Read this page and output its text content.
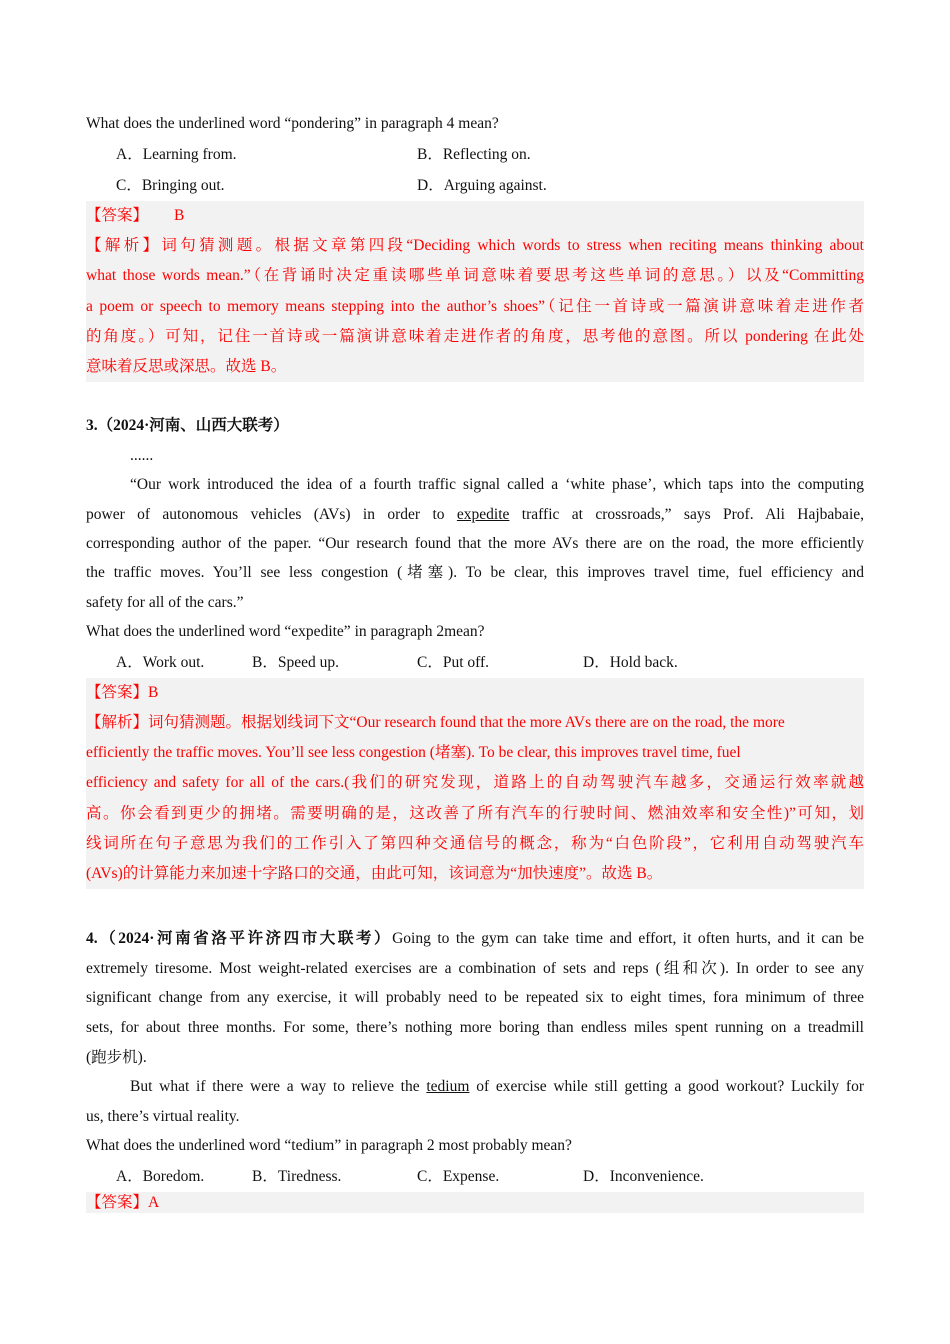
What does the underlined word “pondering” in paragraph 4 mean?

A．Learning from.	B．Reflecting on.
C．Bringing out.	D．Arguing against.

【答案】 B

【解析】词句猜测题。根据文章第四段“Deciding which words to stress when reciting means thinking about

what those words mean.”（在背诵时决定重读哪些单词意味着要思考这些单词的意思。）以及“Committing

a poem or speech to memory means stepping into the author’s shoes”（记住一首诗或一篇演讲意味着走进作者

的角度。）可知，记住一首诗或一篇演讲意味着走进作者的角度，思考他的意图。所以 pondering 在此处

意味着反思或深思。故选 B。

3.（2024·河南、山西大联考）

......

“Our work introduced the idea of a fourth traffic signal called a ‘white phase’, which taps into the computing

power of autonomous vehicles (AVs) in order to expedite traffic at crossroads,” says Prof. Ali Hajbabaie,

corresponding author of the paper. “Our research found that the more AVs there are on the road, the more efficiently

the traffic moves. You’ll see less congestion (堵塞). To be clear, this improves travel time, fuel efficiency and

safety for all of the cars.”

What does the underlined word “expedite” in paragraph 2mean?

A．Work out.	B．Speed up.	C．Put off.	D．Hold back.

【答案】B

【解析】词句猜测题。根据划线词下文“Our research found that the more AVs there are on the road, the more

efficiently the traffic moves. You’ll see less congestion (堵塞). To be clear, this improves travel time, fuel

efficiency and safety for all of the cars.(我们的研究发现，道路上的自动驾驶汽车越多，交通运行效率就越

高。你会看到更少的拥堵。需要明确的是，这改善了所有汽车的行驶时间、燃油效率和安全性)”可知，划

线词所在句子意思为我们的工作引入了第四种交通信号的概念，称为“白色阶段”，它利用自动驾驶汽车

(AVs)的计算能力来加速十字路口的交通，由此可知，该词意为“加快速度”。故选 B。

4.（2024·河南省洛平许济四市大联考）Going to the gym can take time and effort, it often hurts, and it can be

extremely tiresome. Most weight-related exercises are a combination of sets and reps (组和次). In order to see any

significant change from any exercise, it will probably need to be repeated six to eight times, fora minimum of three

sets, for about three months. For some, there’s nothing more boring than endless miles spent running on a treadmill

(跑步机).

But what if there were a way to relieve the tedium of exercise while still getting a good workout? Luckily for

us, there’s virtual reality.

What does the underlined word “tedium” in paragraph 2 most probably mean?

A．Boredom.	B．Tiredness.	C．Expense.	D．Inconvenience.

【答案】A
